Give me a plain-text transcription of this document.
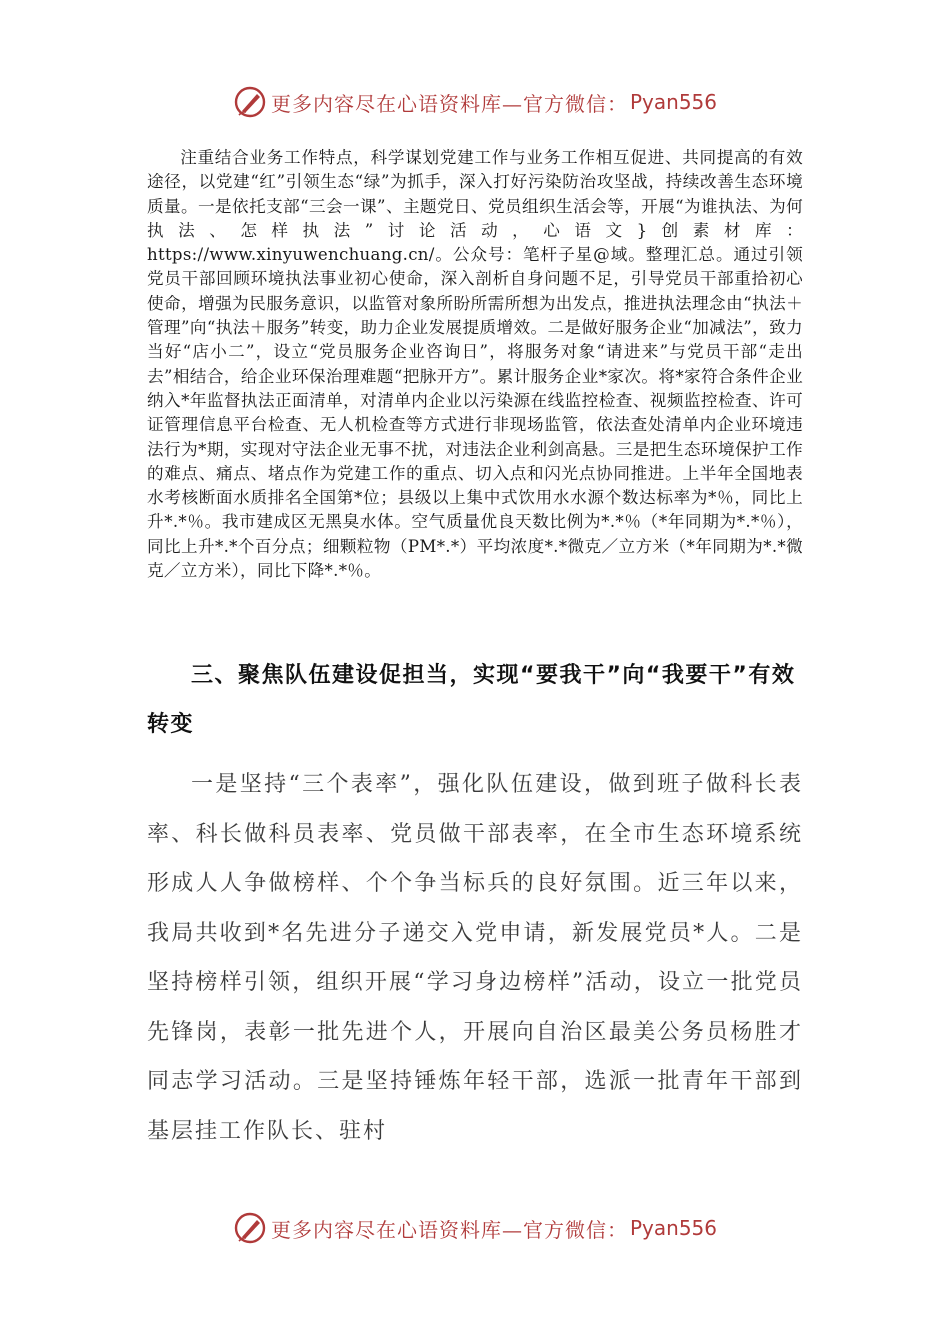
更多内容尽在心语资料库—官方微信： Pyan556

注重结合业务工作特点，科学谋划党建工作与业务工作相互促进、共同提高的有效途径，以党建“红”引领生态“绿”为抓手，深入打好污染防治攻坚战，持续改善生态环境质量。一是依托支部“三会一课”、主题党日、党员组织生活会等，开展“为谁执法、为何执法、怎样执法”讨论活动，心语文}创素材库：https://www.xinyuwenchuang.cn/。公众号：笔杆子星@域。整理汇总。通过引领党员干部回顾环境执法事业初心使命，深入剖析自身问题不足，引导党员干部重拾初心使命，增强为民服务意识，以监管对象所盼所需所想为出发点，推进执法理念由“执法＋管理”向“执法＋服务”转变，助力企业发展提质增效。二是做好服务企业“加减法”，致力当好“店小二”，设立“党员服务企业咨询日”，将服务对象“请进来”与党员干部“走出去”相结合，给企业环保治理难题“把脉开方”。累计服务企业*家次。将*家符合条件企业纳入*年监督执法正面清单，对清单内企业以污染源在线监控检查、视频监控检查、许可证管理信息平台检查、无人机检查等方式进行非现场监管，依法查处清单内企业环境违法行为*期，实现对守法企业无事不扰，对违法企业利剑高悬。三是把生态环境保护工作的难点、痛点、堵点作为党建工作的重点、切入点和闪光点协同推进。上半年全国地表水考核断面水质排名全国第*位；县级以上集中式饮用水水源个数达标率为*％，同比上升*.*％。我市建成区无黑臭水体。空气质量优良天数比例为*.*％（*年同期为*.*％），同比上升*.*个百分点；细颗粒物（PM*.*）平均浓度*.*微克／立方米（*年同期为*.*微克／立方米），同比下降*.*％。

三、聚焦队伍建设促担当，实现“要我干”向“我要干”有效转变

一是坚持“三个表率”，强化队伍建设，做到班子做科长表率、科长做科员表率、党员做干部表率，在全市生态环境系统形成人人争做榜样、个个争当标兵的良好氛围。近三年以来，我局共收到*名先进分子递交入党申请，新发展党员*人。二是坚持榜样引领，组织开展“学习身边榜样”活动，设立一批党员先锋岗，表彰一批先进个人，开展向自治区最美公务员杨胜才同志学习活动。三是坚持锤炼年轻干部，选派一批青年干部到基层挂工作队长、驻村

更多内容尽在心语资料库—官方微信： Pyan556
